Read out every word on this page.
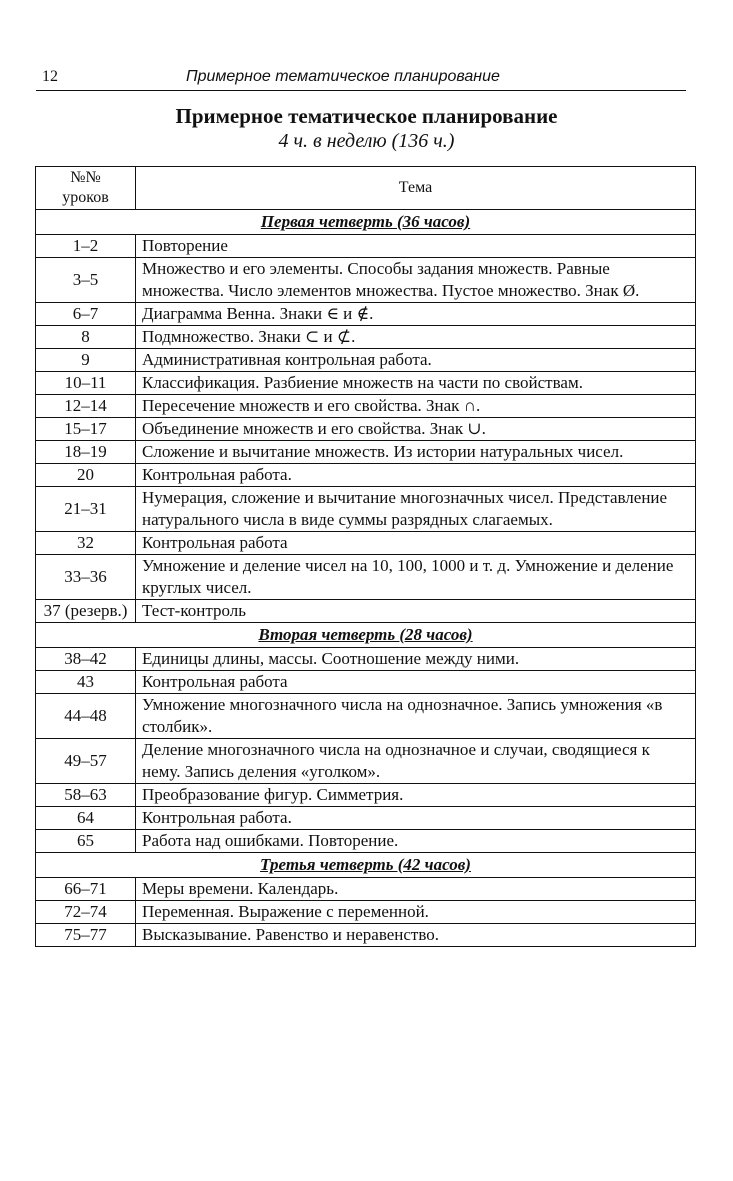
12	Примерное тематическое планирование
Примерное тематическое планирование
4 ч. в неделю (136 ч.)
№№
уроков	Тема
Первая четверть (36 часов)	
1–2	Повторение
3–5	Множество и его элементы. Способы задания множеств. Равные множества. Число элементов множества. Пустое множество. Знак Ø.
6–7	Диаграмма Венна. Знаки ∈ и ∉.
8	Подмножество. Знаки ⊂ и ⊄.
9	Административная контрольная работа.
10–11	Классификация. Разбиение множеств на части по свойствам.
12–14	Пересечение множеств и его свойства. Знак ∩.
15–17	Объединение множеств и его свойства. Знак ∪.
18–19	Сложение и вычитание множеств. Из истории натуральных чисел.
20	Контрольная работа.
21–31	Нумерация, сложение и вычитание многозначных чисел. Представление натурального числа в виде суммы разрядных слагаемых.
32	Контрольная работа
33–36	Умножение и деление чисел на 10, 100, 1000 и т. д. Умножение и деление круглых чисел.
37 (резерв.)	Тест-контроль
Вторая четверть (28 часов)	
38–42	Единицы длины, массы. Соотношение между ними.
43	Контрольная работа
44–48	Умножение многозначного числа на однозначное. Запись умножения «в столбик».
49–57	Деление многозначного числа на однозначное и случаи, сводящиеся к нему. Запись деления «уголком».
58–63	Преобразование фигур. Симметрия.
64	Контрольная работа.
65	Работа над ошибками. Повторение.
Третья четверть (42 часов)	
66–71	Меры времени. Календарь.
72–74	Переменная. Выражение с переменной.
75–77	Высказывание. Равенство и неравенство.
